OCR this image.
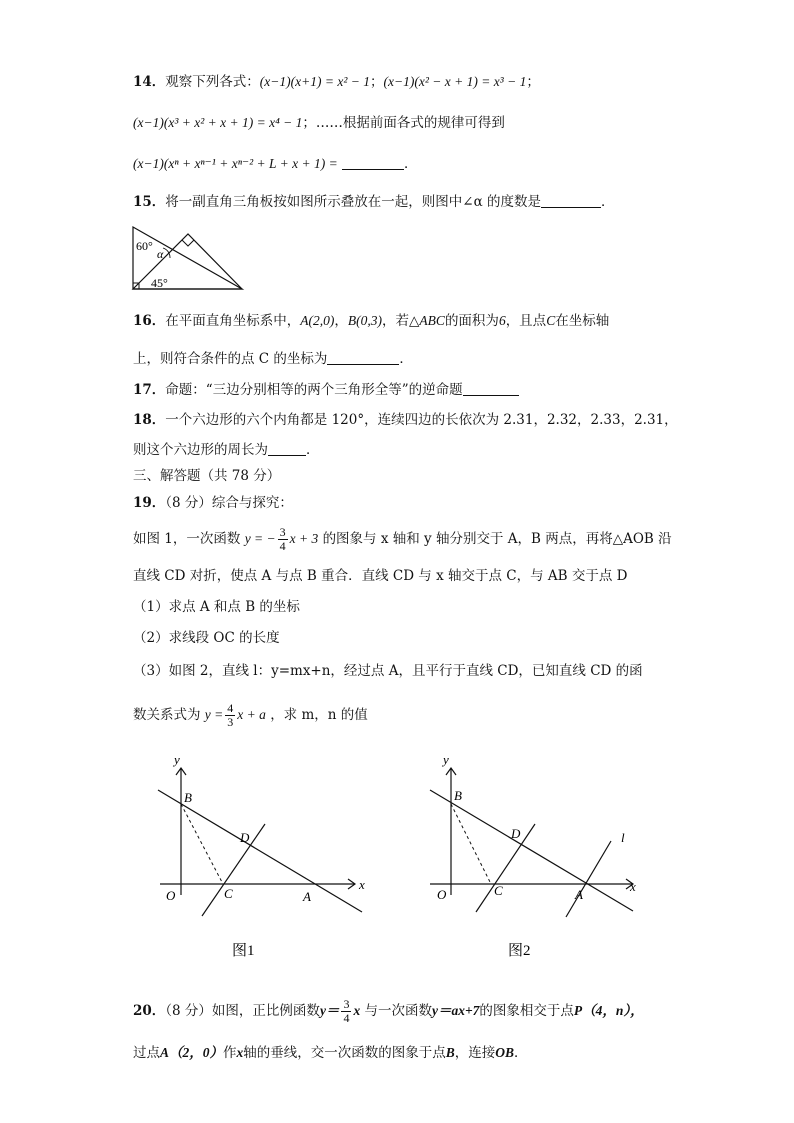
14．观察下列各式：(x−1)(x+1) = x² − 1；(x−1)(x² − x + 1) = x³ − 1；
(x−1)(x³ + x² + x + 1) = x⁴ − 1；……根据前面各式的规律可得到
(x−1)(xⁿ + xⁿ⁻¹ + xⁿ⁻² + L + x + 1) =	．
15．将一副直角三角板按如图所示叠放在一起，则图中∠α 的度数是	．
60°
α
45°
16．在平面直角坐标系中，A(2,0)，B(0,3)，若△ABC的面积为6，且点C在坐标轴
上，则符合条件的点 C 的坐标为	．
17．命题：“三边分别相等的两个三角形全等”的逆命题
18．一个六边形的六个内角都是 120°，连续四边的长依次为 2.31，2.32，2.33，2.31，
则这个六边形的周长为	．
三、解答题（共 78 分）
19．（8 分）综合与探究：
如图 1，一次函数 y = − $\frac{3}{4}$ x + 3 的图象与 x 轴和 y 轴分别交于 A，B 两点，再将△AOB 沿
直线 CD 对折，使点 A 与点 B 重合．直线 CD 与 x 轴交于点 C，与 AB 交于点 D
（1）求点 A 和点 B 的坐标
（2）求线段 OC 的长度
（3）如图 2，直线 l：y=mx+n，经过点 A，且平行于直线 CD，已知直线 CD 的函
数关系式为 $y = \frac{4}{3}$ x + a ，求 m，n 的值
y
x
B
D
O	C	A
图1
y
x
B
D	l
O	C	A
图2
20．（8 分）如图，正比例函数$y= \frac{3}{4}$ x 与一次函数y＝ax+7的图象相交于点P（4，n），
过点A（2，0）作x轴的垂线，交一次函数的图象于点B，连接OB．
